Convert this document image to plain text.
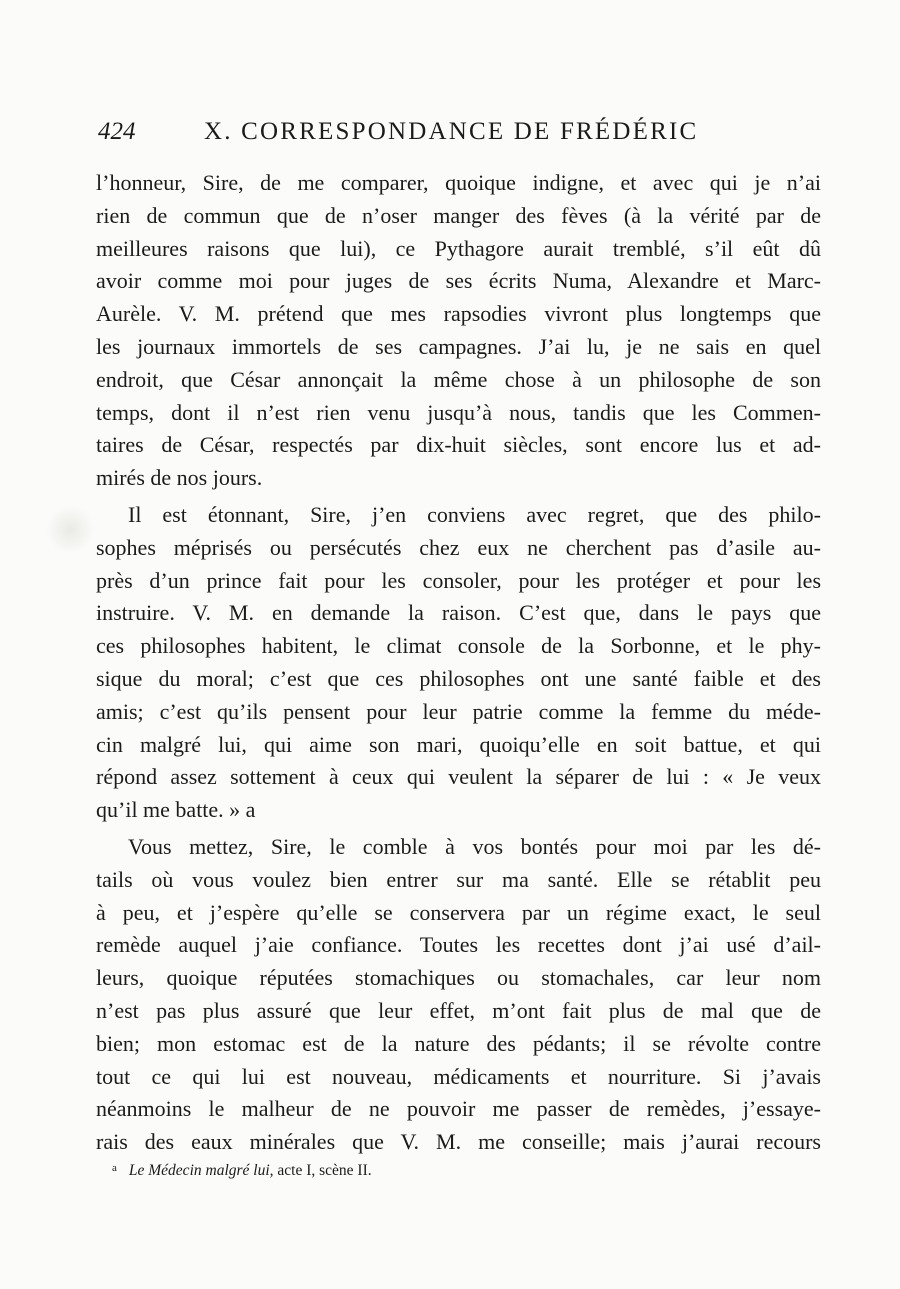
424	X. CORRESPONDANCE DE FRÉDÉRIC
l’honneur, Sire, de me comparer, quoique indigne, et avec qui je n’ai
rien de commun que de n’oser manger des fèves (à la vérité par de
meilleures raisons que lui), ce Pythagore aurait tremblé, s’il eût dû
avoir comme moi pour juges de ses écrits Numa, Alexandre et Marc-
Aurèle. V. M. prétend que mes rapsodies vivront plus longtemps que
les journaux immortels de ses campagnes. J’ai lu, je ne sais en quel
endroit, que César annonçait la même chose à un philosophe de son
temps, dont il n’est rien venu jusqu’à nous, tandis que les Commen-
taires de César, respectés par dix-huit siècles, sont encore lus et ad-
mirés de nos jours.
Il est étonnant, Sire, j’en conviens avec regret, que des philo-
sophes méprisés ou persécutés chez eux ne cherchent pas d’asile au-
près d’un prince fait pour les consoler, pour les protéger et pour les
instruire. V. M. en demande la raison. C’est que, dans le pays que
ces philosophes habitent, le climat console de la Sorbonne, et le phy-
sique du moral; c’est que ces philosophes ont une santé faible et des
amis; c’est qu’ils pensent pour leur patrie comme la femme du méde-
cin malgré lui, qui aime son mari, quoiqu’elle en soit battue, et qui
répond assez sottement à ceux qui veulent la séparer de lui : « Je veux
qu’il me batte. » a
Vous mettez, Sire, le comble à vos bontés pour moi par les dé-
tails où vous voulez bien entrer sur ma santé. Elle se rétablit peu
à peu, et j’espère qu’elle se conservera par un régime exact, le seul
remède auquel j’aie confiance. Toutes les recettes dont j’ai usé d’ail-
leurs, quoique réputées stomachiques ou stomachales, car leur nom
n’est pas plus assuré que leur effet, m’ont fait plus de mal que de
bien; mon estomac est de la nature des pédants; il se révolte contre
tout ce qui lui est nouveau, médicaments et nourriture. Si j’avais
néanmoins le malheur de ne pouvoir me passer de remèdes, j’essaye-
rais des eaux minérales que V. M. me conseille; mais j’aurai recours
$^a$ Le Médecin malgré lui, acte I, scène II.
